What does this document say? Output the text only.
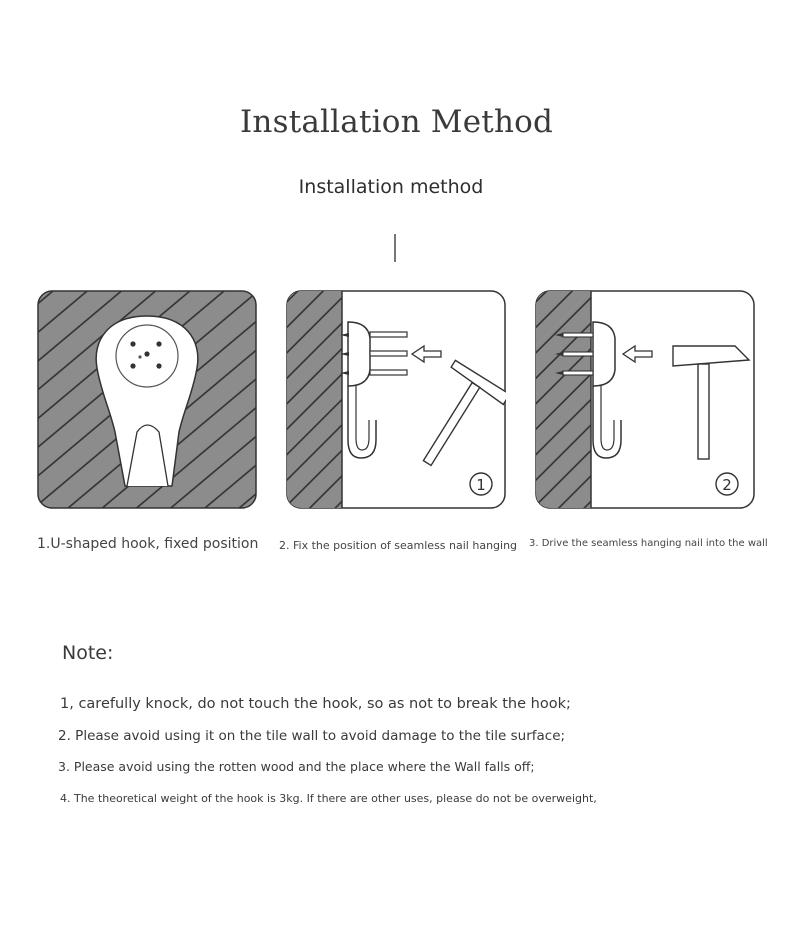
Installation Method
Installation method
1	2
1.U-shaped hook, fixed position 2. Fix the position of seamless nail hanging 3. Drive the seamless hanging nail into the wall
Note:
1, carefully knock, do not touch the hook, so as not to break the hook;
2. Please avoid using it on the tile wall to avoid damage to the tile surface;
3. Please avoid using the rotten wood and the place where the Wall falls off;
4. The theoretical weight of the hook is 3kg. If there are other uses, please do not be overweight,
